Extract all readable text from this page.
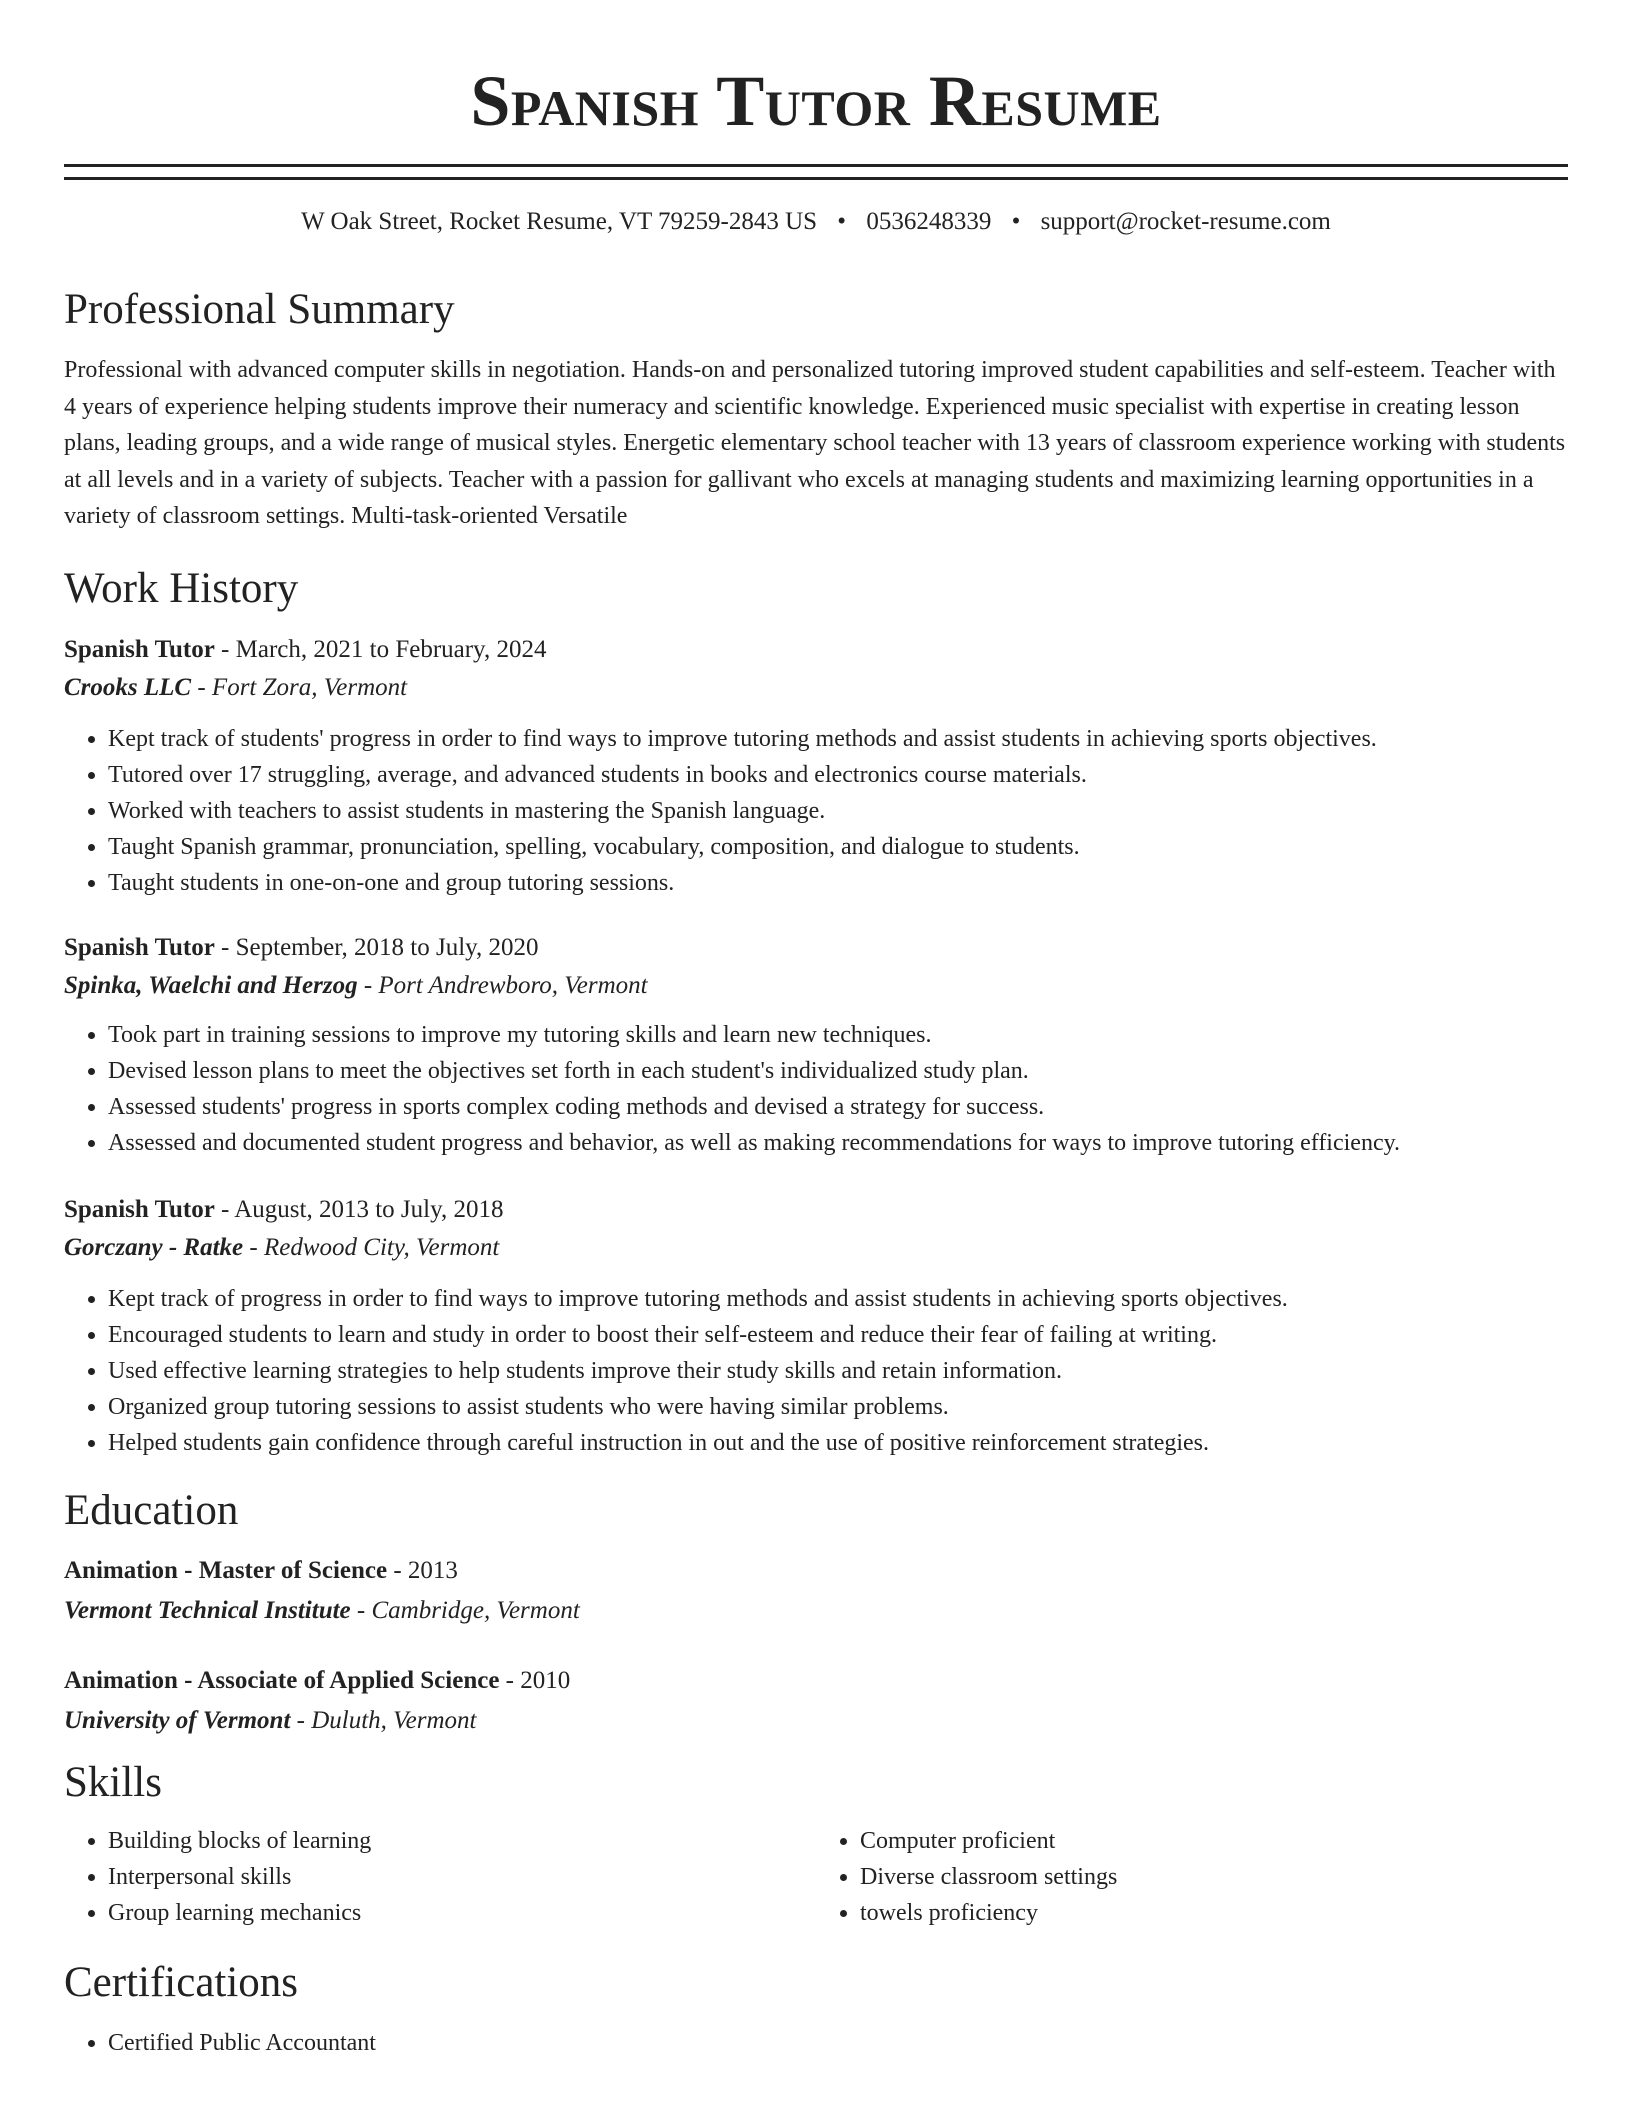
Spanish Tutor Resume
W Oak Street, Rocket Resume, VT 79259-2843 US • 0536248339 • support@rocket-resume.com
Professional Summary
Professional with advanced computer skills in negotiation. Hands-on and personalized tutoring improved student capabilities and self-esteem. Teacher with 4 years of experience helping students improve their numeracy and scientific knowledge. Experienced music specialist with expertise in creating lesson plans, leading groups, and a wide range of musical styles. Energetic elementary school teacher with 13 years of classroom experience working with students at all levels and in a variety of subjects. Teacher with a passion for gallivant who excels at managing students and maximizing learning opportunities in a variety of classroom settings. Multi-task-oriented Versatile
Work History
Spanish Tutor - March, 2021 to February, 2024
Crooks LLC - Fort Zora, Vermont
• Kept track of students' progress in order to find ways to improve tutoring methods and assist students in achieving sports objectives.
• Tutored over 17 struggling, average, and advanced students in books and electronics course materials.
• Worked with teachers to assist students in mastering the Spanish language.
• Taught Spanish grammar, pronunciation, spelling, vocabulary, composition, and dialogue to students.
• Taught students in one-on-one and group tutoring sessions.
Spanish Tutor - September, 2018 to July, 2020
Spinka, Waelchi and Herzog - Port Andrewboro, Vermont
• Took part in training sessions to improve my tutoring skills and learn new techniques.
• Devised lesson plans to meet the objectives set forth in each student's individualized study plan.
• Assessed students' progress in sports complex coding methods and devised a strategy for success.
• Assessed and documented student progress and behavior, as well as making recommendations for ways to improve tutoring efficiency.
Spanish Tutor - August, 2013 to July, 2018
Gorczany - Ratke - Redwood City, Vermont
• Kept track of progress in order to find ways to improve tutoring methods and assist students in achieving sports objectives.
• Encouraged students to learn and study in order to boost their self-esteem and reduce their fear of failing at writing.
• Used effective learning strategies to help students improve their study skills and retain information.
• Organized group tutoring sessions to assist students who were having similar problems.
• Helped students gain confidence through careful instruction in out and the use of positive reinforcement strategies.
Education
Animation - Master of Science - 2013
Vermont Technical Institute - Cambridge, Vermont
Animation - Associate of Applied Science - 2010
University of Vermont - Duluth, Vermont
Skills
• Building blocks of learning
• Interpersonal skills
• Group learning mechanics
• Computer proficient
• Diverse classroom settings
• towels proficiency
Certifications
• Certified Public Accountant
